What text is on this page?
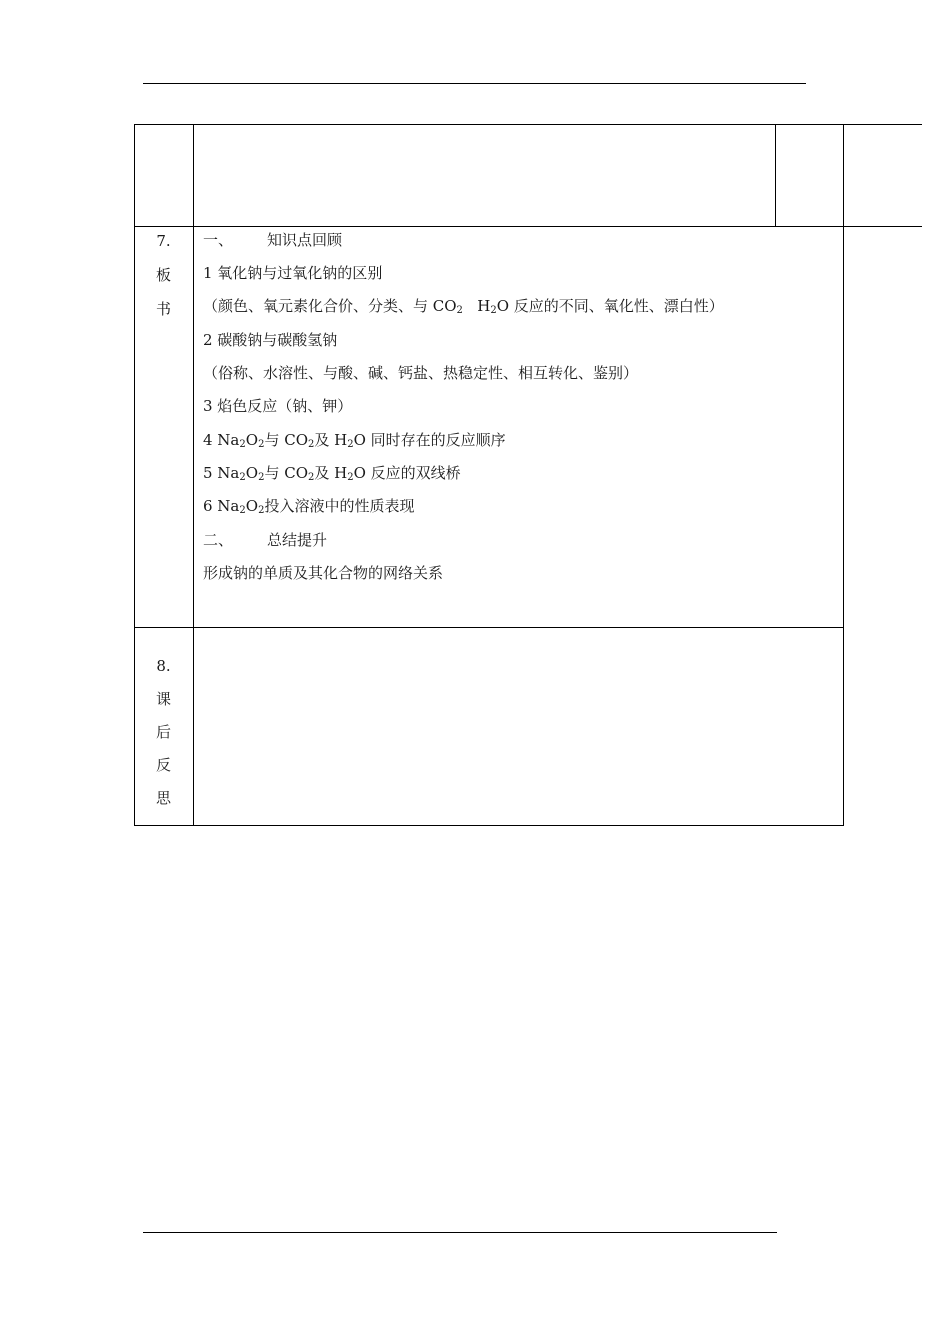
7.
板
书
一、 知识点回顾
1 氧化钠与过氧化钠的区别
（颜色、氧元素化合价、分类、与 $CO_2$ $H_2O$ 反应的不同、氧化性、漂白性）
2 碳酸钠与碳酸氢钠
（俗称、水溶性、与酸、碱、钙盐、热稳定性、相互转化、鉴别）
3 焰色反应（钠、钾）
4 $Na_2O_2$与 $CO_2$及 $H_2O$ 同时存在的反应顺序
5 $Na_2O_2$与 $CO_2$及 $H_2O$ 反应的双线桥
6 $Na_2O_2$投入溶液中的性质表现
二、 总结提升
形成钠的单质及其化合物的网络关系
8.
课
后
反
思
